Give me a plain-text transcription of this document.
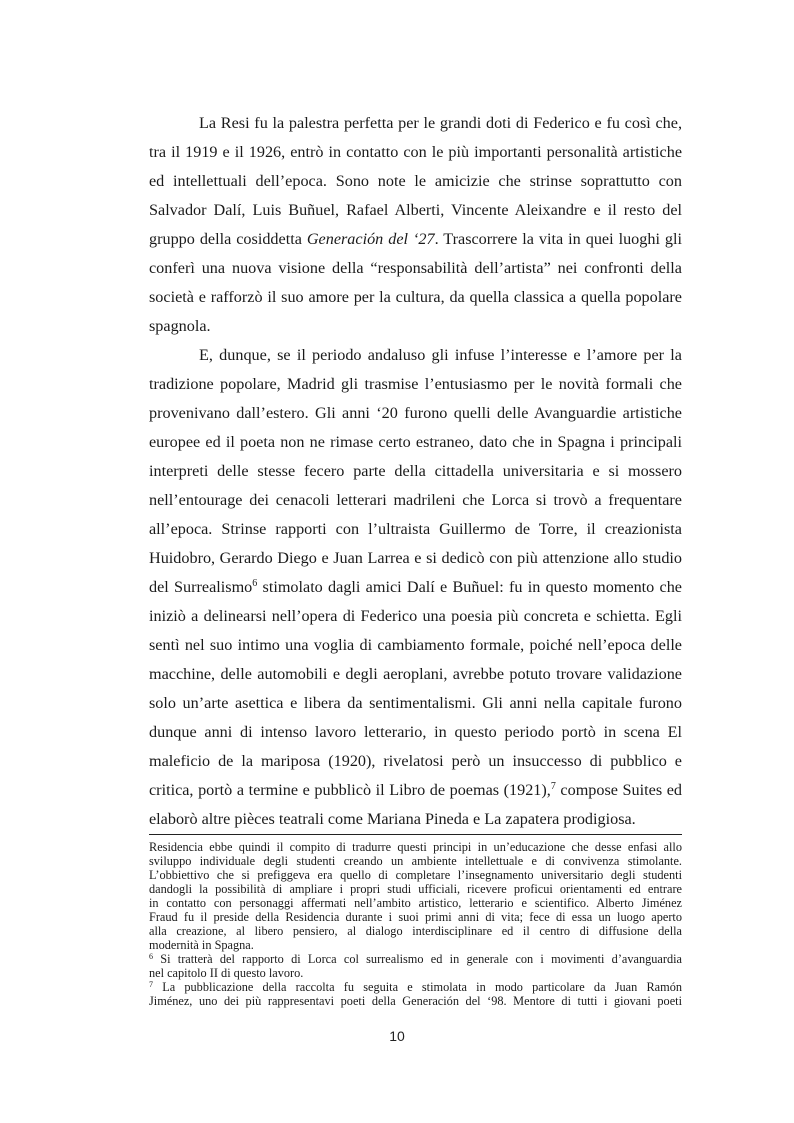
La Resi fu la palestra perfetta per le grandi doti di Federico e fu così che,
tra il 1919 e il 1926, entrò in contatto con le più importanti personalità artistiche
ed intellettuali dell’epoca. Sono note le amicizie che strinse soprattutto con
Salvador Dalí, Luis Buñuel, Rafael Alberti, Vincente Aleixandre e il resto del
gruppo della cosiddetta Generación del ‘27. Trascorrere la vita in quei luoghi gli
conferì una nuova visione della “responsabilità dell’artista” nei confronti della
società e rafforzò il suo amore per la cultura, da quella classica a quella popolare
spagnola.
E, dunque, se il periodo andaluso gli infuse l’interesse e l’amore per la
tradizione popolare, Madrid gli trasmise l’entusiasmo per le novità formali che
provenivano dall’estero. Gli anni ‘20 furono quelli delle Avanguardie artistiche
europee ed il poeta non ne rimase certo estraneo, dato che in Spagna i principali
interpreti delle stesse fecero parte della cittadella universitaria e si mossero
nell’entourage dei cenacoli letterari madrileni che Lorca si trovò a frequentare
all’epoca. Strinse rapporti con l’ultraista Guillermo de Torre, il creazionista
Huidobro, Gerardo Diego e Juan Larrea e si dedicò con più attenzione allo studio
del Surrealismo$^6$ stimolato dagli amici Dalí e Buñuel: fu in questo momento che
iniziò a delinearsi nell’opera di Federico una poesia più concreta e schietta. Egli
sentì nel suo intimo una voglia di cambiamento formale, poiché nell’epoca delle
macchine, delle automobili e degli aeroplani, avrebbe potuto trovare validazione
solo un’arte asettica e libera da sentimentalismi. Gli anni nella capitale furono
dunque anni di intenso lavoro letterario, in questo periodo portò in scena El
maleficio de la mariposa (1920), rivelatosi però un insuccesso di pubblico e
critica, portò a termine e pubblicò il Libro de poemas (1921),$^7$ compose Suites ed
elaborò altre pièces teatrali come Mariana Pineda e La zapatera prodigiosa.
Residencia ebbe quindi il compito di tradurre questi principi in un’educazione che desse enfasi allo
sviluppo individuale degli studenti creando un ambiente intellettuale e di convivenza stimolante.
L’obbiettivo che si prefiggeva era quello di completare l’insegnamento universitario degli studenti
dandogli la possibilità di ampliare i propri studi ufficiali, ricevere proficui orientamenti ed entrare
in contatto con personaggi affermati nell’ambito artistico, letterario e scientifico. Alberto Jiménez
Fraud fu il preside della Residencia durante i suoi primi anni di vita; fece di essa un luogo aperto
alla creazione, al libero pensiero, al dialogo interdisciplinare ed il centro di diffusione della
modernità in Spagna.
$^6$ Si tratterà del rapporto di Lorca col surrealismo ed in generale con i movimenti d’avanguardia
nel capitolo II di questo lavoro.
$^7$ La pubblicazione della raccolta fu seguita e stimolata in modo particolare da Juan Ramón
Jiménez, uno dei più rappresentavi poeti della Generación del ‘98. Mentore di tutti i giovani poeti
10
